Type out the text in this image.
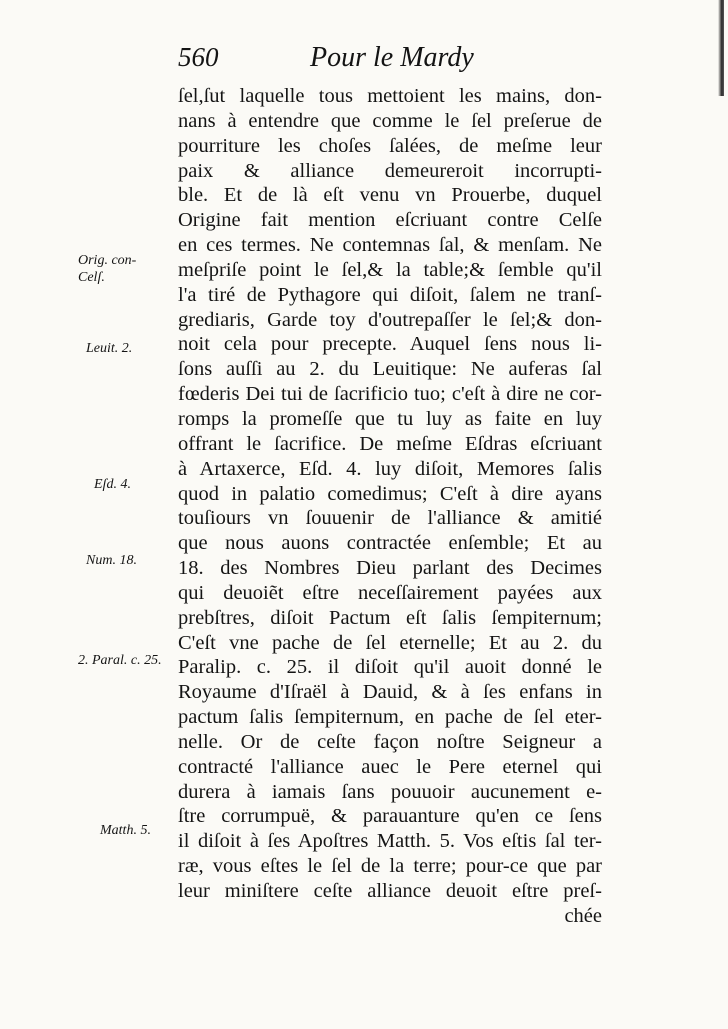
560	Pour le Mardy
Orig. con- Celſ.
Leuit. 2.
Eſd. 4.
Num. 18.
2. Paral. c. 25.
Matth. 5.
ſel,ſut laquelle tous mettoient les mains, don-
nans à entendre que comme le ſel preſerue de
pourriture les choſes ſalées, de meſme leur
paix & alliance demeureroit incorrupti-
ble. Et de là eſt venu vn Prouerbe, duquel
Origine fait mention eſcriuant contre Celſe
en ces termes. Ne contemnas ſal, & menſam. Ne
meſpriſe point le ſel,& la table;& ſemble qu'il
l'a tiré de Pythagore qui diſoit, ſalem ne tranſ-
grediaris, Garde toy d'outrepaſſer le ſel;& don-
noit cela pour precepte. Auquel ſens nous li-
ſons auſſi au 2. du Leuitique: Ne auferas ſal
fœderis Dei tui de ſacrificio tuo; c'eſt à dire ne cor-
romps la promeſſe que tu luy as faite en luy
offrant le ſacrifice. De meſme Eſdras eſcriuant
à Artaxerce, Eſd. 4. luy diſoit, Memores ſalis
quod in palatio comedimus; C'eſt à dire ayans
touſiours vn ſouuenir de l'alliance & amitié
que nous auons contractée enſemble; Et au
18. des Nombres Dieu parlant des Decimes
qui deuoiẽt eſtre neceſſairement payées aux
prebſtres, diſoit Pactum eſt ſalis ſempiternum;
C'eſt vne pache de ſel eternelle; Et au 2. du
Paralip. c. 25. il diſoit qu'il auoit donné le
Royaume d'Iſraël à Dauid, & à ſes enfans in
pactum ſalis ſempiternum, en pache de ſel eter-
nelle. Or de ceſte façon noſtre Seigneur a
contracté l'alliance auec le Pere eternel qui
durera à iamais ſans pouuoir aucunement e-
ſtre corrumpuë, & parauanture qu'en ce ſens
il diſoit à ſes Apoſtres Matth. 5. Vos eſtis ſal ter-
ræ, vous eſtes le ſel de la terre; pour-ce que par
leur miniſtere ceſte alliance deuoit eſtre preſ-
chée
